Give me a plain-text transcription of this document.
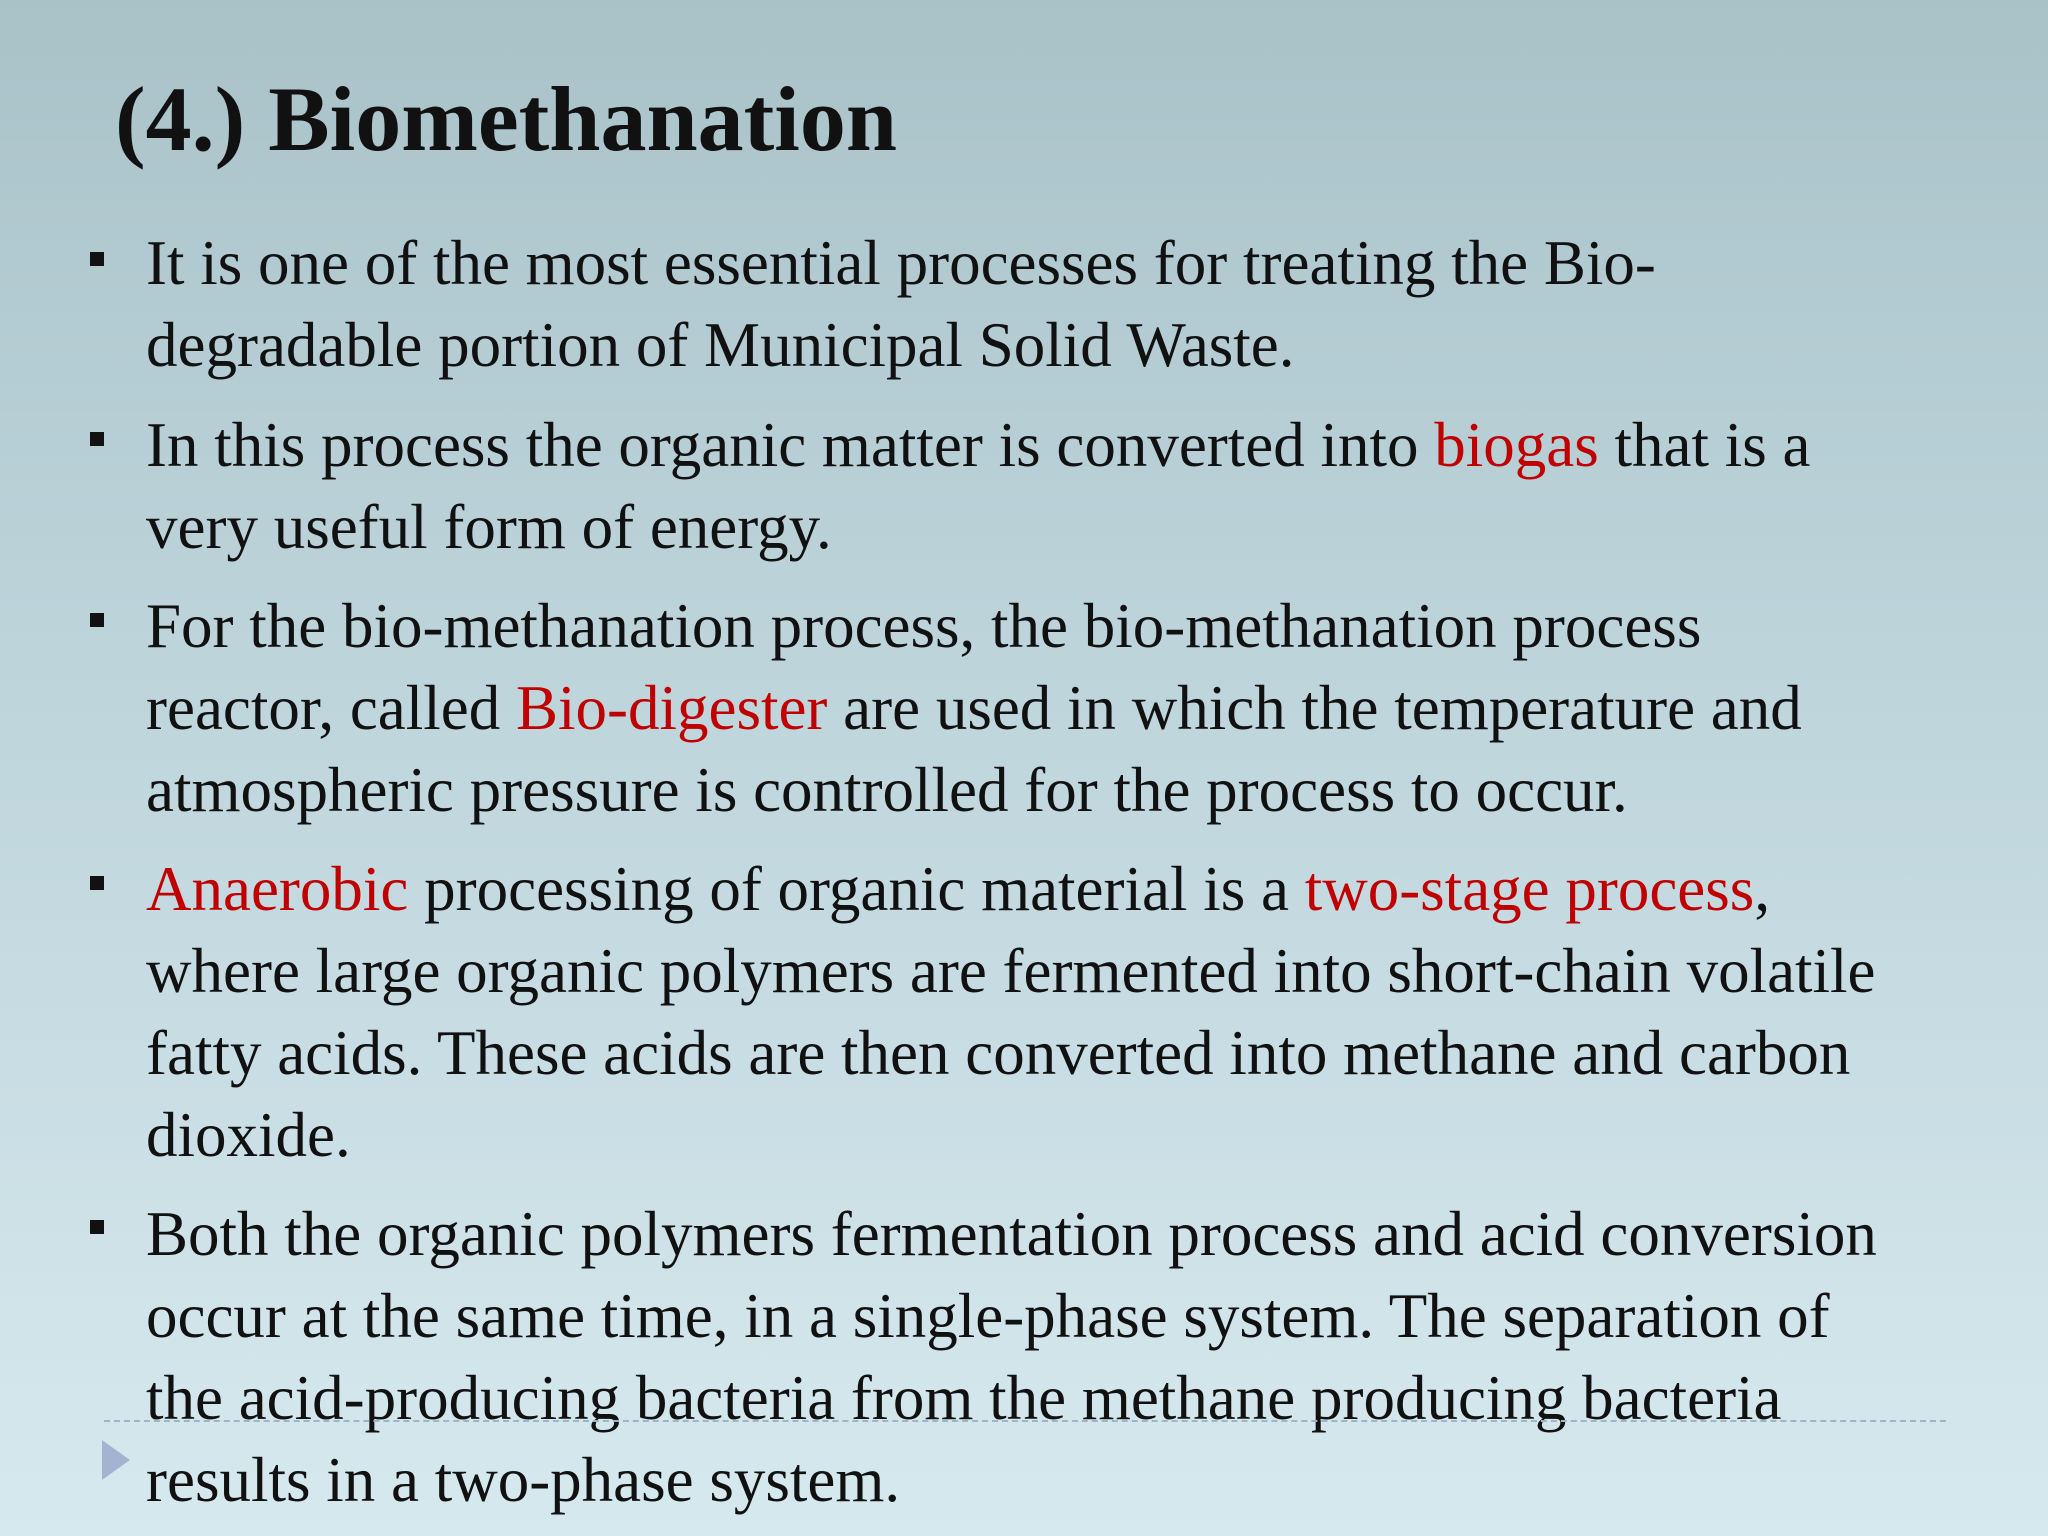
(4.) Biomethanation
It is one of the most essential processes for treating the Bio-
degradable portion of Municipal Solid Waste.
In this process the organic matter is converted into biogas that is a
very useful form of energy.
For the bio-methanation process, the bio-methanation process
reactor, called Bio-digester are used in which the temperature and
atmospheric pressure is controlled for the process to occur.
Anaerobic processing of organic material is a two-stage process,
where large organic polymers are fermented into short-chain volatile
fatty acids. These acids are then converted into methane and carbon
dioxide.
Both the organic polymers fermentation process and acid conversion
occur at the same time, in a single-phase system. The separation of
the acid-producing bacteria from the methane producing bacteria
results in a two-phase system.
